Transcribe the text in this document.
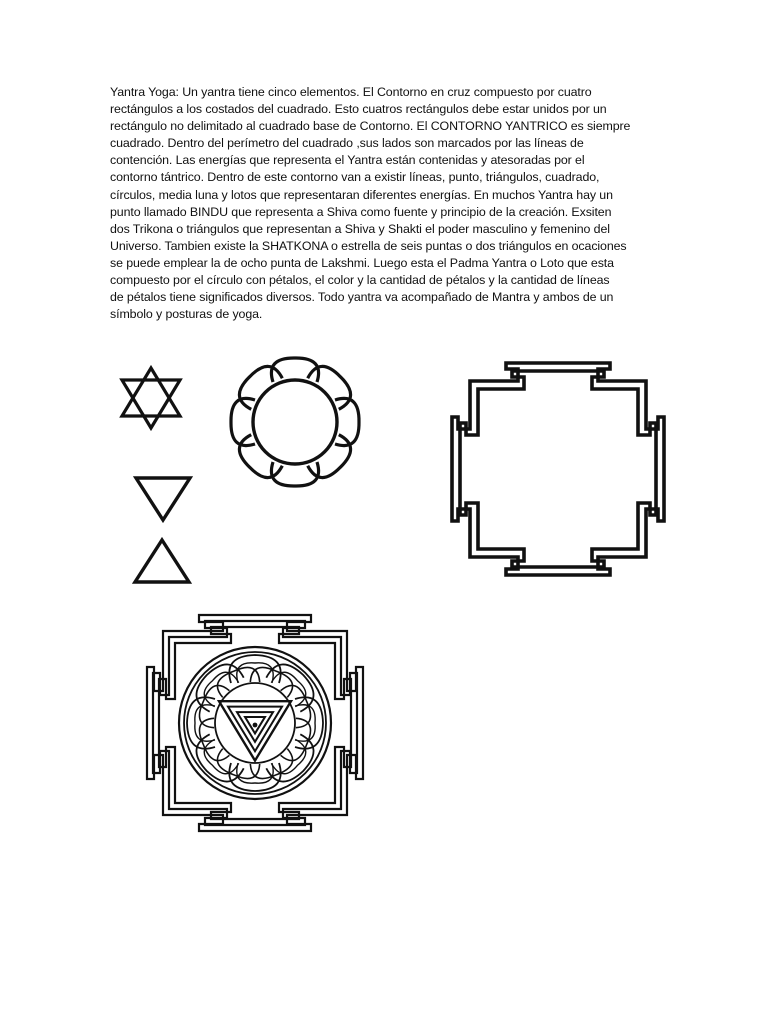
Yantra Yoga: Un yantra tiene cinco elementos. El Contorno en cruz compuesto por cuatro
rectángulos a los costados del cuadrado. Esto cuatros rectángulos debe estar unidos por un
rectángulo no delimitado al cuadrado base de Contorno. El CONTORNO YANTRICO es siempre
cuadrado. Dentro del perímetro del cuadrado ,sus lados son marcados por las líneas de
contención. Las energías que representa el Yantra están contenidas y atesoradas por el
contorno tántrico. Dentro de este contorno van a existir líneas, punto, triángulos, cuadrado,
círculos, media luna y lotos que representaran diferentes energías. En muchos Yantra hay un
punto llamado BINDU que representa a Shiva como fuente y principio de la creación. Exsiten
dos Trikona o triángulos que representan a Shiva y Shakti el poder masculino y femenino del
Universo. Tambien existe la SHATKONA o estrella de seis puntas o dos triángulos en ocaciones
se puede emplear la de ocho punta de Lakshmi. Luego esta el Padma Yantra o Loto que esta
compuesto por el círculo con pétalos, el color y la cantidad de pétalos y la cantidad de líneas
de pétalos tiene significados diversos. Todo yantra va acompañado de Mantra y ambos de un
símbolo y posturas de yoga.
